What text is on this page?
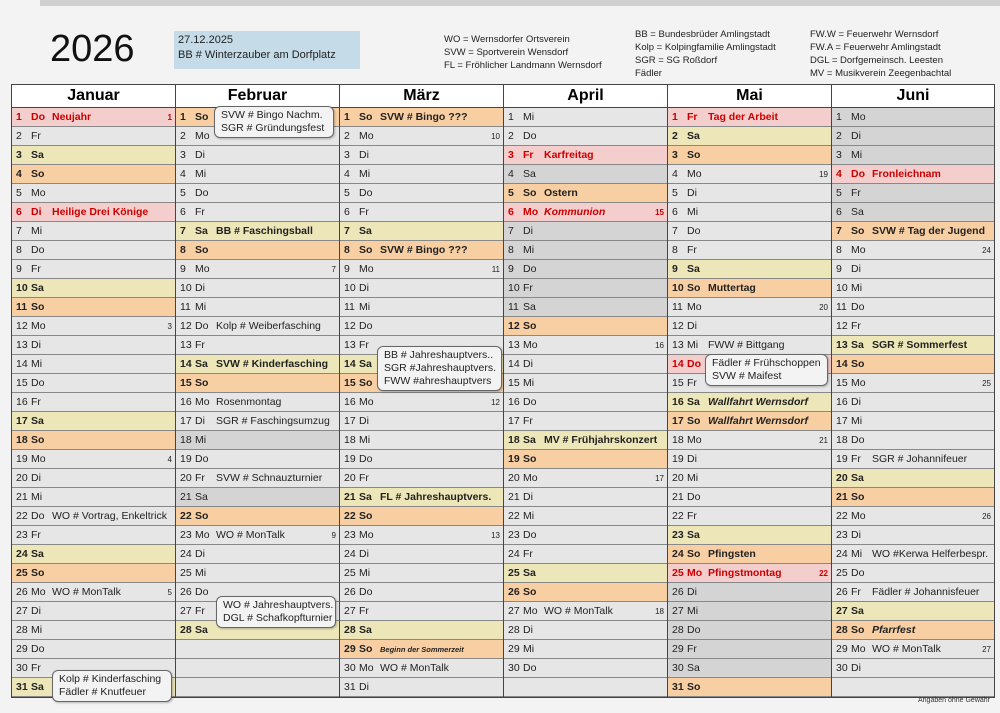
2026	27.12.2025
BB # Winterzauber am Dorfplatz
WO = Wernsdorfer Ortsverein
SVW = Sportverein Wensdorf
FL = Fröhlicher Landmann Wernsdorf
BB = Bundesbrüder Amlingstadt
Kolp = Kolpingfamilie Amlingstadt
SGR = SG Roßdorf
Fädler
FW.W = Feuerwehr Wernsdorf
FW.A = Feuerwehr Amlingstadt
DGL = Dorfgemeinsch. Leesten
MV = Musikverein Zeegenbachtal
Januar
1 Do Neujahr	1
2 Fr
3 Sa
4 So
5 Mo
6 Di Heilige Drei Könige
7 Mi
8 Do
9 Fr
10 Sa
11 So
12 Mo	3
13 Di
14 Mi
15 Do
16 Fr
17 Sa
18 So
19 Mo	4
20 Di
21 Mi
22 Do WO # Vortrag, Enkeltrick
23 Fr
24 Sa
25 So
26 Mo WO # MonTalk	5
27 Di
28 Mi
29 Do
30 Fr
31 Sa
Februar
1 So
2 Mo
3 Di
4 Mi
5 Do
6 Fr
7 Sa BB # Faschingsball
8 So
9 Mo	7
10 Di
11 Mi
12 Do Kolp # Weiberfasching
13 Fr
14 Sa SVW # Kinderfasching
15 So
16 Mo Rosenmontag
17 Di SGR # Faschingsumzug
18 Mi
19 Do
20 Fr SVW # Schnauzturnier
21 Sa
22 So
23 Mo WO # MonTalk	9
24 Di
25 Mi
26 Do
27 Fr
28 Sa
März
1 So SVW # Bingo ???
2 Mo	10
3 Di
4 Mi
5 Do
6 Fr
7 Sa
8 So SVW # Bingo ???
9 Mo	11
10 Di
11 Mi
12 Do
13 Fr
14 Sa
15 So
16 Mo	12
17 Di
18 Mi
19 Do
20 Fr
21 Sa FL # Jahreshauptvers.
22 So
23 Mo	13
24 Di
25 Mi
26 Do
27 Fr
28 Sa
29 So Beginn der Sommerzeit
30 Mo WO # MonTalk
31 Di
April
1 Mi
2 Do
3 Fr Karfreitag
4 Sa
5 So Ostern
6 Mo Kommunion	15
7 Di
8 Mi
9 Do
10 Fr
11 Sa
12 So
13 Mo	16
14 Di
15 Mi
16 Do
17 Fr
18 Sa MV # Frühjahrskonzert
19 So
20 Mo	17
21 Di
22 Mi
23 Do
24 Fr
25 Sa
26 So
27 Mo WO # MonTalk	18
28 Di
29 Mi
30 Do
Mai
1 Fr Tag der Arbeit
2 Sa
3 So
4 Mo	19
5 Di
6 Mi
7 Do
8 Fr
9 Sa
10 So Muttertag
11 Mo	20
12 Di
13 Mi FWW # Bittgang
14 Do
15 Fr
16 Sa Wallfahrt Wernsdorf
17 So Wallfahrt Wernsdorf
18 Mo	21
19 Di
20 Mi
21 Do
22 Fr
23 Sa
24 So Pfingsten
25 Mo Pfingstmontag	22
26 Di
27 Mi
28 Do
29 Fr
30 Sa
31 So
Juni
1 Mo
2 Di
3 Mi
4 Do Fronleichnam
5 Fr
6 Sa
7 So SVW # Tag der Jugend
8 Mo	24
9 Di
10 Mi
11 Do
12 Fr
13 Sa SGR # Sommerfest
14 So
15 Mo	25
16 Di
17 Mi
18 Do
19 Fr SGR # Johannifeuer
20 Sa
21 So
22 Mo	26
23 Di
24 Mi WO #Kerwa Helferbespr.
25 Do
26 Fr Fädler # Johannisfeuer
27 Sa
28 So Pfarrfest
29 Mo WO # MonTalk	27
30 Di
SVW # Bingo Nachm.
SGR # Gründungsfest
BB # Jahreshauptvers..
SGR #Jahreshauptvers.
FWW #ahreshauptvers
Fädler # Frühschoppen
SVW # Maifest
WO # Jahreshauptvers.
DGL # Schafkopfturnier
Kolp # Kinderfasching
Fädler # Knutfeuer
Angaben ohne Gewähr
